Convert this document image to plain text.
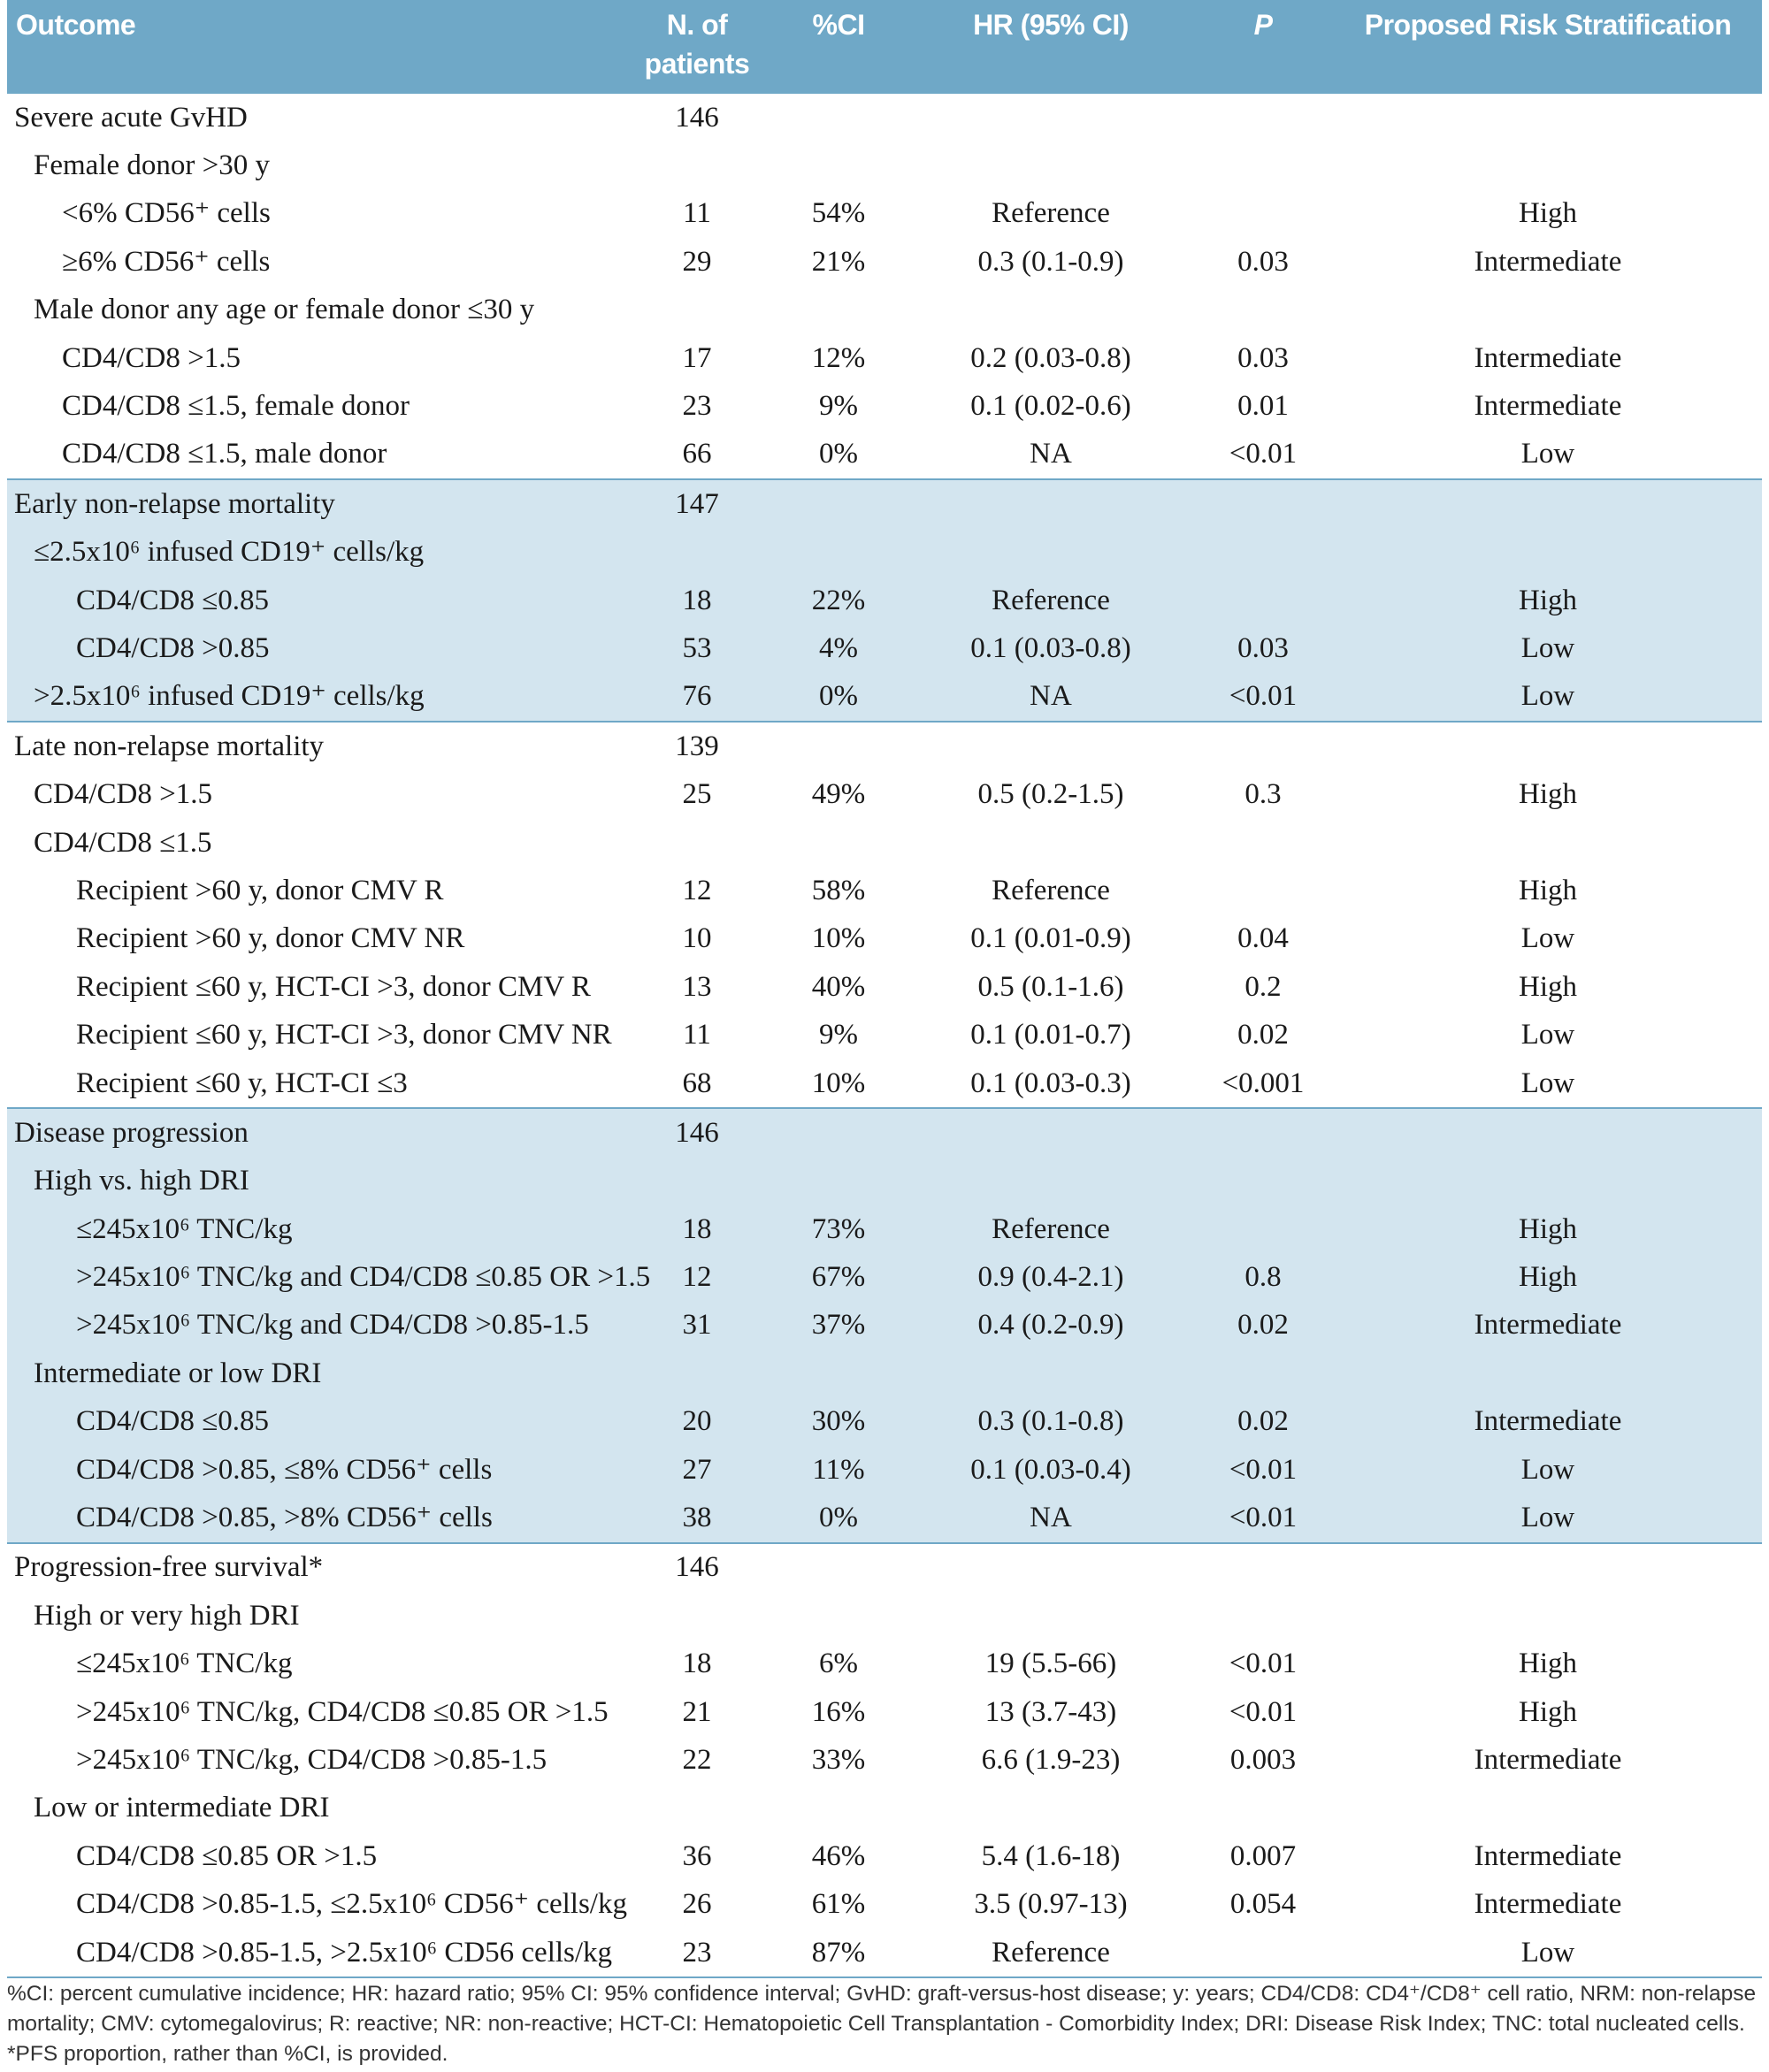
Outcome	N. of patients	%CI	HR (95% CI)	P	Proposed Risk Stratification
Severe acute GvHD	146				
Female donor >30 y					
<6% CD56⁺ cells	11	54%	Reference		High
≥6% CD56⁺ cells	29	21%	0.3 (0.1-0.9)	0.03	Intermediate
Male donor any age or female donor ≤30 y					
CD4/CD8 >1.5	17	12%	0.2 (0.03-0.8)	0.03	Intermediate
CD4/CD8 ≤1.5, female donor	23	9%	0.1 (0.02-0.6)	0.01	Intermediate
CD4/CD8 ≤1.5, male donor	66	0%	NA	<0.01	Low
Early non-relapse mortality	147				
≤2.5x10⁶ infused CD19⁺ cells/kg					
CD4/CD8 ≤0.85	18	22%	Reference		High
CD4/CD8 >0.85	53	4%	0.1 (0.03-0.8)	0.03	Low
>2.5x10⁶ infused CD19⁺ cells/kg	76	0%	NA	<0.01	Low
Late non-relapse mortality	139				
CD4/CD8 >1.5	25	49%	0.5 (0.2-1.5)	0.3	High
CD4/CD8 ≤1.5					
Recipient >60 y, donor CMV R	12	58%	Reference		High
Recipient >60 y, donor CMV NR	10	10%	0.1 (0.01-0.9)	0.04	Low
Recipient ≤60 y, HCT-CI >3, donor CMV R	13	40%	0.5 (0.1-1.6)	0.2	High
Recipient ≤60 y, HCT-CI >3, donor CMV NR	11	9%	0.1 (0.01-0.7)	0.02	Low
Recipient ≤60 y, HCT-CI ≤3	68	10%	0.1 (0.03-0.3)	<0.001	Low
Disease progression	146				
High vs. high DRI					
≤245x10⁶ TNC/kg	18	73%	Reference		High
>245x10⁶ TNC/kg and CD4/CD8 ≤0.85 OR >1.5	12	67%	0.9 (0.4-2.1)	0.8	High
>245x10⁶ TNC/kg and CD4/CD8 >0.85-1.5	31	37%	0.4 (0.2-0.9)	0.02	Intermediate
Intermediate or low DRI					
CD4/CD8 ≤0.85	20	30%	0.3 (0.1-0.8)	0.02	Intermediate
CD4/CD8 >0.85, ≤8% CD56⁺ cells	27	11%	0.1 (0.03-0.4)	<0.01	Low
CD4/CD8 >0.85, >8% CD56⁺ cells	38	0%	NA	<0.01	Low
Progression-free survival*	146				
High or very high DRI					
≤245x10⁶ TNC/kg	18	6%	19 (5.5-66)	<0.01	High
>245x10⁶ TNC/kg, CD4/CD8 ≤0.85 OR >1.5	21	16%	13 (3.7-43)	<0.01	High
>245x10⁶ TNC/kg, CD4/CD8 >0.85-1.5	22	33%	6.6 (1.9-23)	0.003	Intermediate
Low or intermediate DRI					
CD4/CD8 ≤0.85 OR >1.5	36	46%	5.4 (1.6-18)	0.007	Intermediate
CD4/CD8 >0.85-1.5, ≤2.5x10⁶ CD56⁺ cells/kg	26	61%	3.5 (0.97-13)	0.054	Intermediate
CD4/CD8 >0.85-1.5, >2.5x10⁶ CD56 cells/kg	23	87%	Reference		Low

%CI: percent cumulative incidence; HR: hazard ratio; 95% CI: 95% confidence interval; GvHD: graft-versus-host disease; y: years; CD4/CD8: CD4⁺/CD8⁺ cell ratio, NRM: non-relapse mortality; CMV: cytomegalovirus; R: reactive; NR: non-reactive; HCT-CI: Hematopoietic Cell Transplantation - Comorbidity Index; DRI: Disease Risk Index; TNC: total nucleated cells. *PFS proportion, rather than %CI, is provided.
